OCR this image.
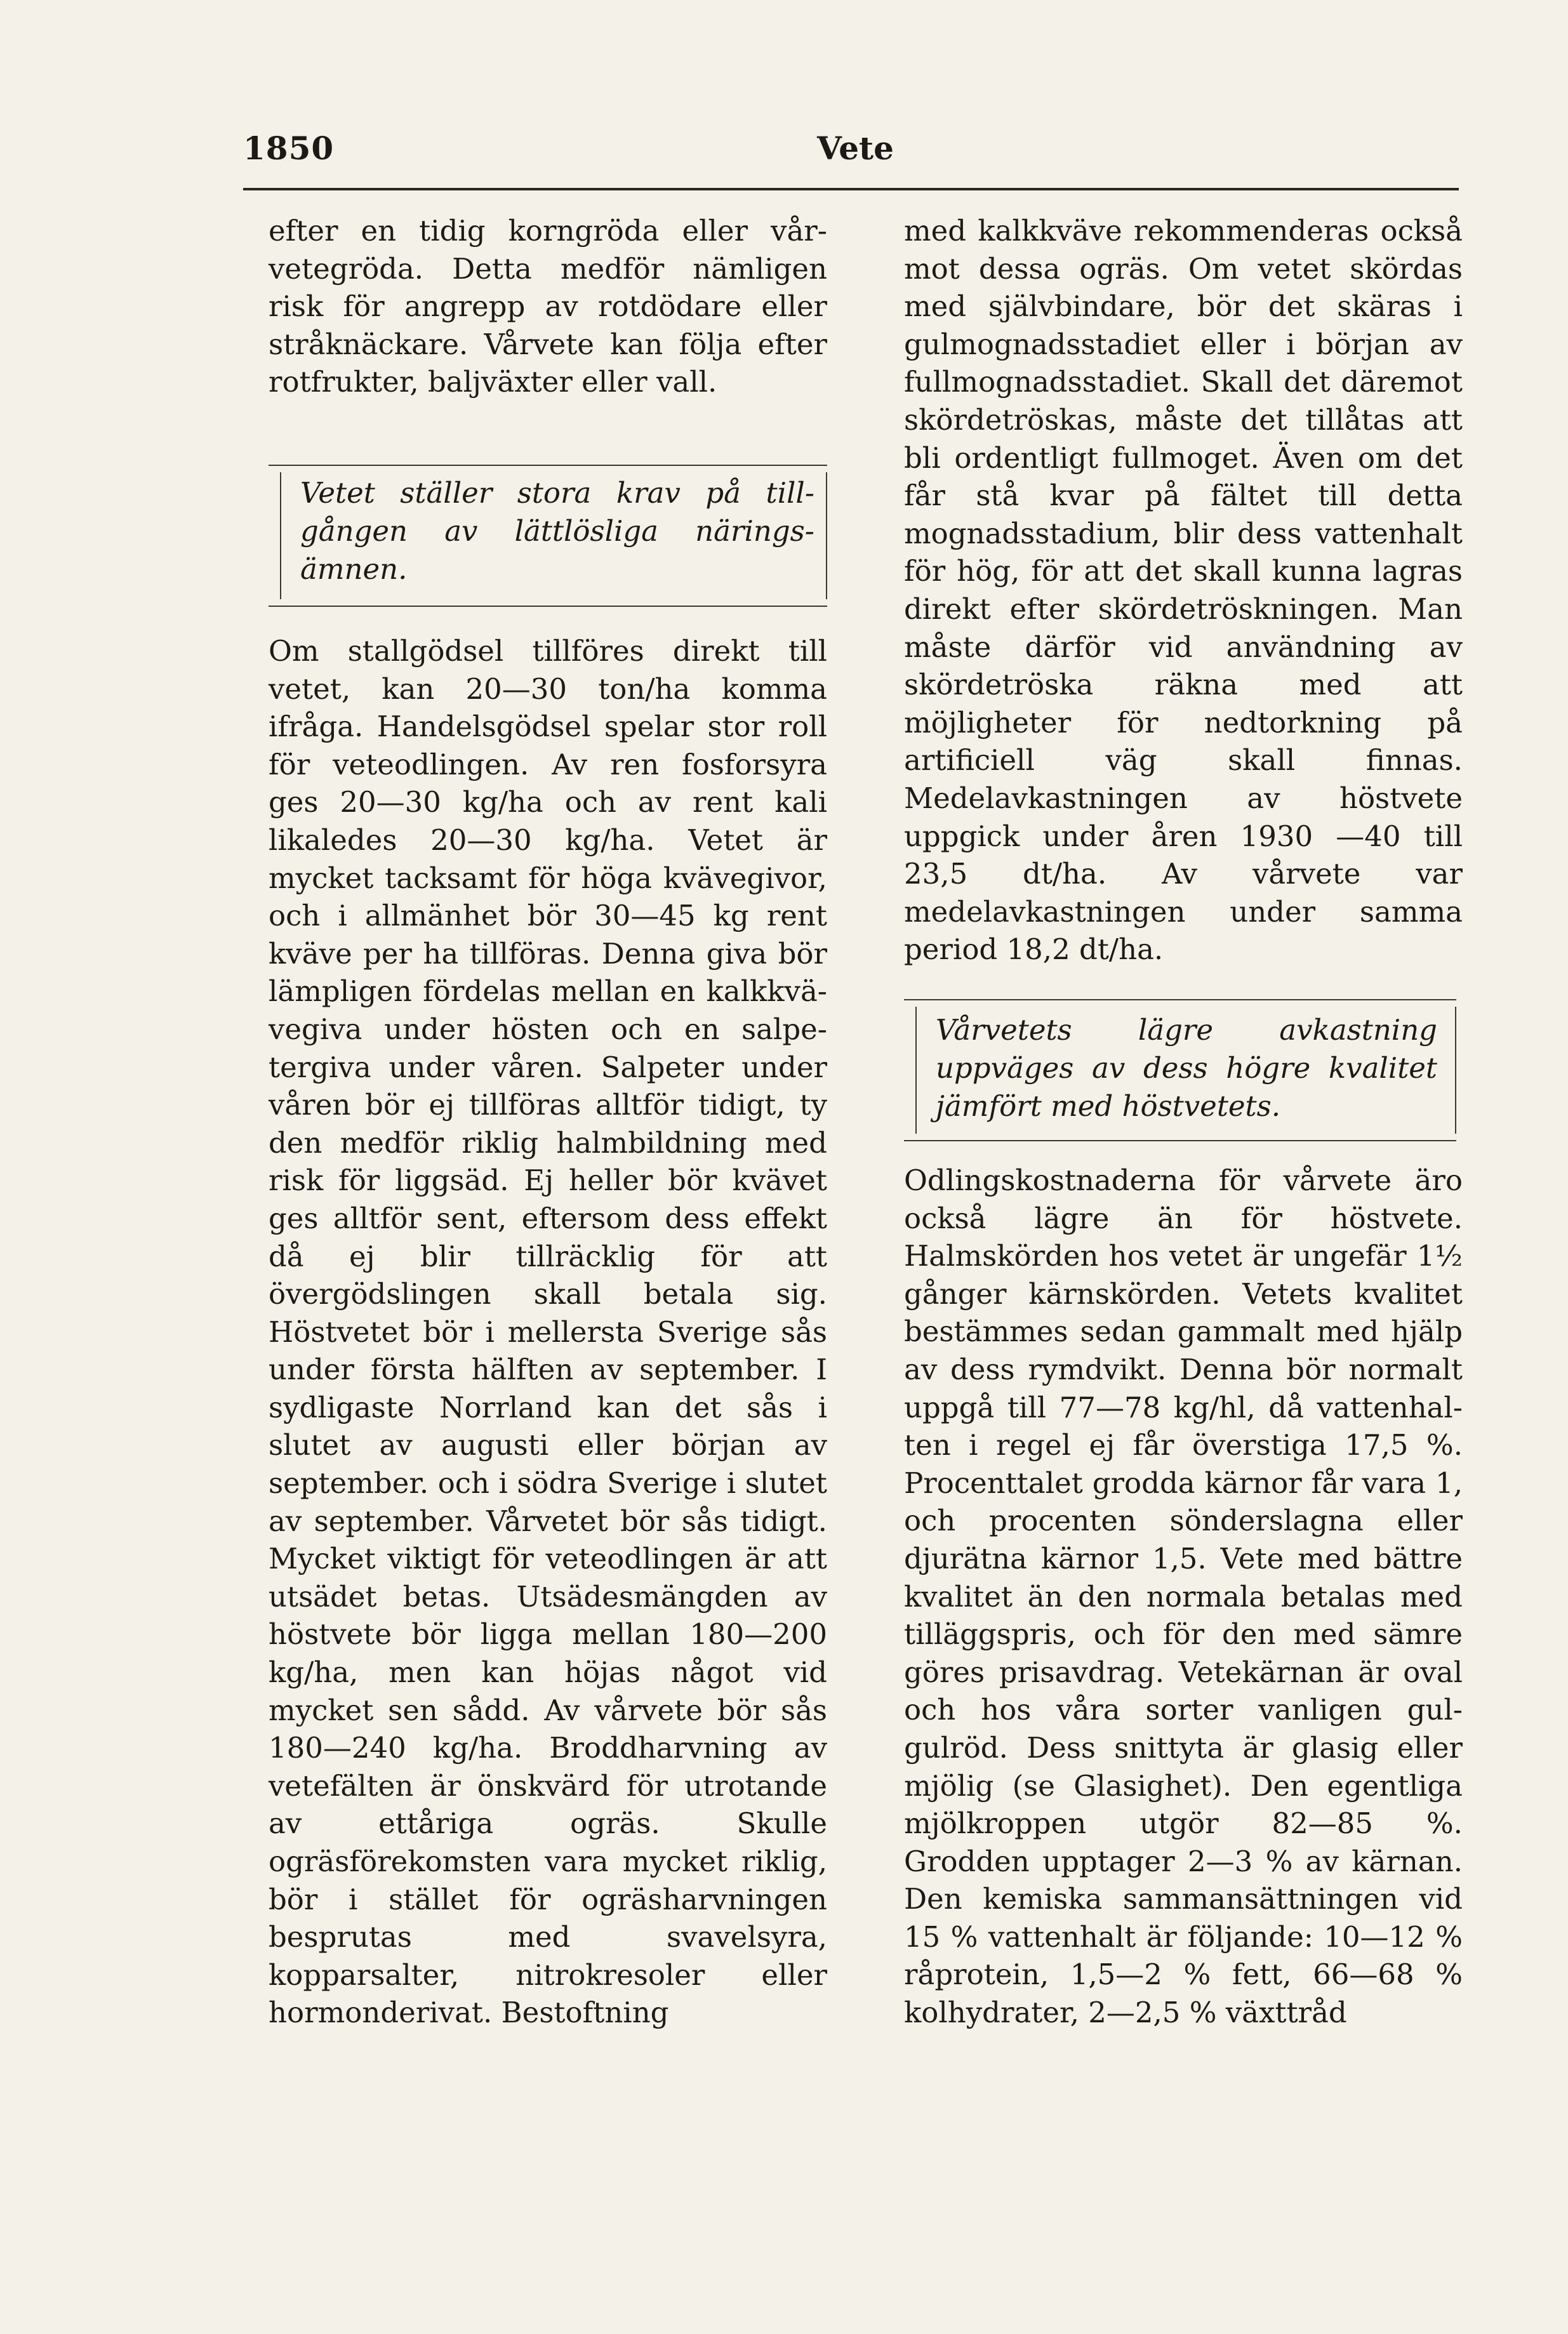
1850	Vete

efter en tidig korngröda eller vårvetegröda. Detta medför nämligen risk för angrepp av rotdödare eller stråknäckare. Vårvete kan följa efter rotfrukter, baljväxter eller vall.

Vetet ställer stora krav på tillgången av lättlösliga näringsämnen.

Om stallgödsel tillföres direkt till vetet, kan 20—30 ton/ha komma ifråga. Handelsgödsel spelar stor roll för veteodlingen. Av ren fosforsyra ges 20—30 kg/ha och av rent kali likaledes 20—30 kg/ha. Vetet är mycket tacksamt för höga kvävegivor, och i allmänhet bör 30—45 kg rent kväve per ha tillföras. Denna giva bör lämpligen fördelas mellan en kalkkvävegiva under hösten och en salpetergiva under våren. Salpeter under våren bör ej tillföras alltför tidigt, ty den medför riklig halmbildning med risk för liggsäd. Ej heller bör kvävet ges alltför sent, eftersom dess effekt då ej blir tillräcklig för att övergödslingen skall betala sig. Höstvetet bör i mellersta Sverige sås under första hälften av september. I sydligaste Norrland kan det sås i slutet av augusti eller början av september. och i södra Sverige i slutet av september. Vårvetet bör sås tidigt. Mycket viktigt för veteodlingen är att utsädet betas. Utsädesmängden av höstvete bör ligga mellan 180—200 kg/ha, men kan höjas något vid mycket sen sådd. Av vårvete bör sås 180—240 kg/ha. Broddharvning av vetefälten är önskvärd för utrotande av ettåriga ogräs. Skulle ogräsförekomsten vara mycket riklig, bör i stället för ogräsharvningen besprutas med svavelsyra, kopparsalter, nitrokresoler eller hormonderivat. Bestoftning

med kalkkväve rekommenderas också mot dessa ogräs. Om vetet skördas med självbindare, bör det skäras i gulmognadsstadiet eller i början av fullmognadsstadiet. Skall det däremot skördetröskas, måste det tillåtas att bli ordentligt fullmoget. Även om det får stå kvar på fältet till detta mognadsstadium, blir dess vattenhalt för hög, för att det skall kunna lagras direkt efter skördetröskningen. Man måste därför vid användning av skördetröska räkna med att möjligheter för nedtorkning på artificiell väg skall finnas. Medelavkastningen av höstvete uppgick under åren 1930 —40 till 23,5 dt/ha. Av vårvete var medelavkastningen under samma period 18,2 dt/ha.

Vårvetets lägre avkastning uppväges av dess högre kvalitet jämfört med höstvetets.

Odlingskostnaderna för vårvete äro också lägre än för höstvete. Halmskörden hos vetet är ungefär 1½ gånger kärnskörden. Vetets kvalitet bestämmes sedan gammalt med hjälp av dess rymdvikt. Denna bör normalt uppgå till 77—78 kg/hl, då vattenhalten i regel ej får överstiga 17,5 %. Procenttalet grodda kärnor får vara 1, och procenten sönderslagna eller djurätna kärnor 1,5. Vete med bättre kvalitet än den normala betalas med tilläggspris, och för den med sämre göres prisavdrag. Vetekärnan är oval och hos våra sorter vanligen gul-gulröd. Dess snittyta är glasig eller mjölig (se Glasighet). Den egentliga mjölkroppen utgör 82—85 %. Grodden upptager 2—3 % av kärnan. Den kemiska sammansättningen vid 15 % vattenhalt är följande: 10—12 % råprotein, 1,5—2 % fett, 66—68 % kolhydrater, 2—2,5 % växttråd
